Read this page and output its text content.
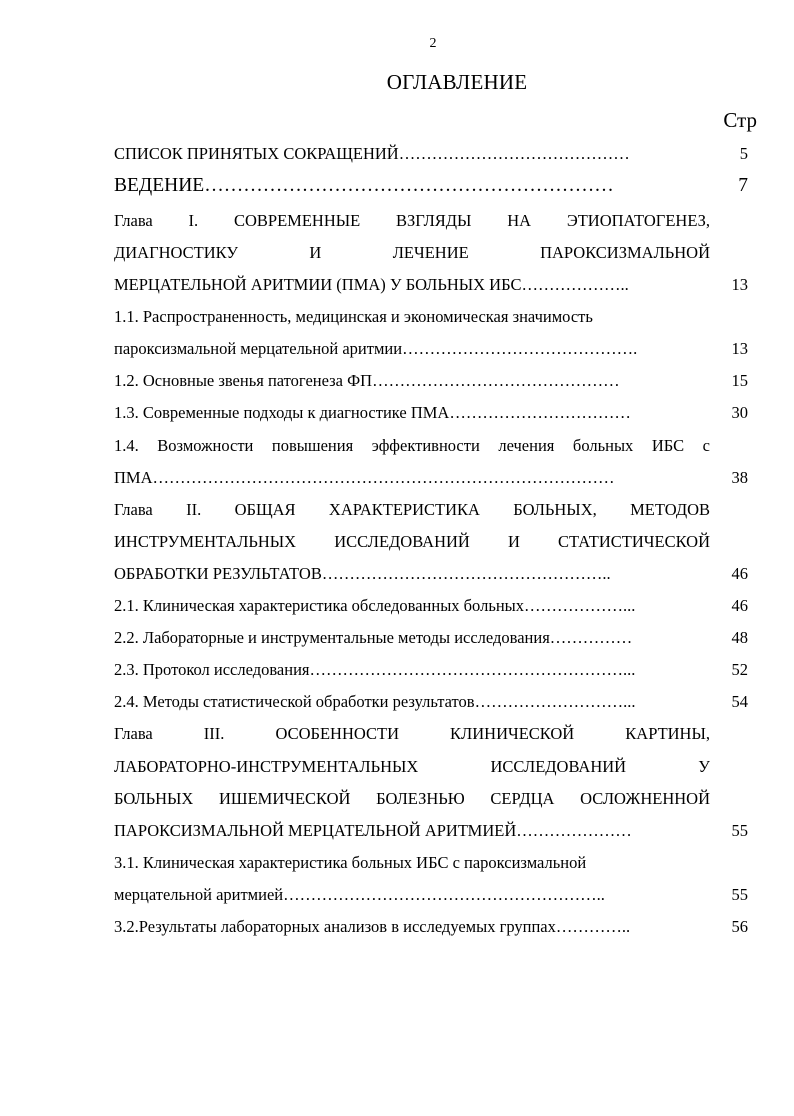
2
ОГЛАВЛЕНИЕ
Стр
СПИСОК ПРИНЯТЫХ СОКРАЩЕНИЙ……………………………………	5
ВЕДЕНИЕ………………………………………………………	7
Глава I. СОВРЕМЕННЫЕ ВЗГЛЯДЫ НА ЭТИОПАТОГЕНЕЗ,
ДИАГНОСТИКУ И ЛЕЧЕНИЕ ПАРОКСИЗМАЛЬНОЙ
МЕРЦАТЕЛЬНОЙ АРИТМИИ (ПМА) У БОЛЬНЫХ ИБС………………..	13
1.1. Распространенность, медицинская и экономическая значимость
пароксизмальной мерцательной аритмии…………………………………….	13
1.2. Основные звенья патогенеза ФП………………………………………	15
1.3. Современные подходы к диагностике ПМА……………………………	30
1.4. Возможности повышения эффективности лечения больных ИБС с
ПМА…………………………………………………………………………	38
Глава II. ОБЩАЯ ХАРАКТЕРИСТИКА БОЛЬНЫХ, МЕТОДОВ
ИНСТРУМЕНТАЛЬНЫХ ИССЛЕДОВАНИЙ И СТАТИСТИЧЕСКОЙ
ОБРАБОТКИ РЕЗУЛЬТАТОВ……………………………………………..	46
2.1. Клиническая характеристика обследованных больных………………...	46
2.2. Лабораторные и инструментальные методы исследования……………	48
2.3. Протокол исследования…………………………………………………...	52
2.4. Методы статистической обработки результатов………………………...	54
Глава III. ОСОБЕННОСТИ КЛИНИЧЕСКОЙ КАРТИНЫ,
ЛАБОРАТОРНО-ИНСТРУМЕНТАЛЬНЫХ ИССЛЕДОВАНИЙ У
БОЛЬНЫХ ИШЕМИЧЕСКОЙ БОЛЕЗНЬЮ СЕРДЦА ОСЛОЖНЕННОЙ
ПАРОКСИЗМАЛЬНОЙ МЕРЦАТЕЛЬНОЙ АРИТМИЕЙ…………………	55
3.1. Клиническая характеристика больных ИБС с пароксизмальной
мерцательной аритмией…………………………………………………..	55
3.2.Результаты лабораторных анализов в исследуемых группах…………..	56
